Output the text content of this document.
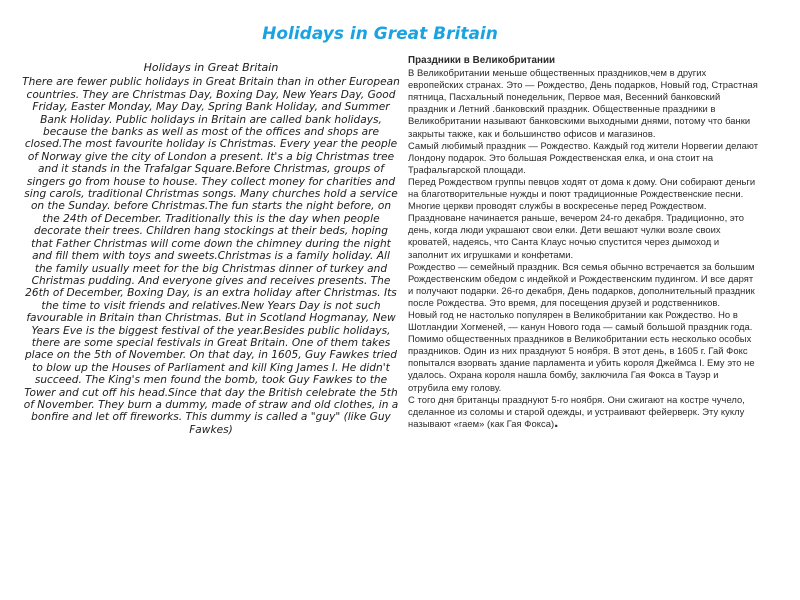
Holidays in Great Britain
Holidays in Great Britain

There are fewer public holidays in Great Britain than in other European countries. They are Christmas Day, Boxing Day, New Years Day, Good Friday, Easter Monday, May Day, Spring Bank Holiday, and Summer Bank Holiday. Public holidays in Britain are called bank holidays, because the banks as well as most of the offices and shops are closed.The most favourite holiday is Christmas. Every year the people of Norway give the city of London a present. It's a big Christmas tree and it stands in the Trafalgar Square.Before Christmas, groups of singers go from house to house. They collect money for charities and sing carols, traditional Christmas songs. Many churches hold a service on the Sunday. before Christmas.The fun starts the night before, on the 24th of December. Traditionally this is the day when people decorate their trees. Children hang stockings at their beds, hoping that Father Christmas will come down the chimney during the night and fill them with toys and sweets.Christmas is a family holiday. All the family usually meet for the big Christmas dinner of turkey and Christmas pudding. And everyone gives and receives presents. The 26th of December, Boxing Day, is an extra holiday after Christmas. Its the time to visit friends and relatives.New Years Day is not such favourable in Britain than Christmas. But in Scotland Hogmanay, New Years Eve is the biggest festival of the year.Besides public holidays, there are some special festivals in Great Britain. One of them takes place on the 5th of November. On that day, in 1605, Guy Fawkes tried to blow up the Houses of Parliament and kill King James I. He didn't succeed. The King's men found the bomb, took Guy Fawkes to the Tower and cut off his head.Since that day the British celebrate the 5th of November. They burn a dummy, made of straw and old clothes, in a bonfire and let off fireworks. This dummy is called a "guy" (like Guy Fawkes)

Праздники в Великобритании

В Великобритании меньше общественных праздников,чем в других европейских странах. Это — Рождество, День подарков, Новый год, Страстная пятница, Пасхальный понедельник, Первое мая, Весенний банковский праздник и Летний .банковский праздник. Общественные праздники в Великобритании называют банковскими выходными днями, потому что банки закрыты также, как и большинство офисов и магазинов.
Самый любимый праздник — Рождество. Каждый год жители Норвегии делают Лондону подарок. Это большая Рождественская елка, и она стоит на Трафальгарской площади.
Перед Рождеством группы певцов ходят от дома к дому. Они собирают деньги на благотворительные нужды и поют традиционные Рождественские песни. Многие церкви проводят службы в воскресенье перед Рождеством.
Праздноване начинается раньше, вечером 24-го декабря. Традиционно, это день, когда люди украшают свои елки. Дети вешают чулки возле своих кроватей, надеясь, что Санта Клаус ночью спустится через дымоход и заполнит их игрушками и конфетами.
Рождество — семейный праздник. Вся семья обычно встречается за большим Рождественским обедом с индейкой и Рождественским пудингом. И все дарят и получают подарки. 26-го декабря, День подарков, дополнительный праздник после Рождества. Это время, для посещения друзей и родственников.
Новый год не настолько популярен в Великобритании как Рождество. Но в Шотландии Хогменей, — канун Нового года — самый большой праздник года.
Помимо общественных праздников в Великобритании есть несколько особых праздников. Один из них празднуют 5 ноября. В этот день, в 1605 г. Гай Фокс попытался взорвать здание парламента и убить короля Джеймса I. Ему это не удалось. Охрана короля нашла бомбу, заключила Гая Фокса в Тауэр и отрубила ему голову.
С того дня британцы празднуют 5-го ноября. Они сжигают на костре чучело, сделанное из соломы и старой одежды, и устраивают фейерверк. Эту куклу называют «гаем» (как Гая Фокса).
